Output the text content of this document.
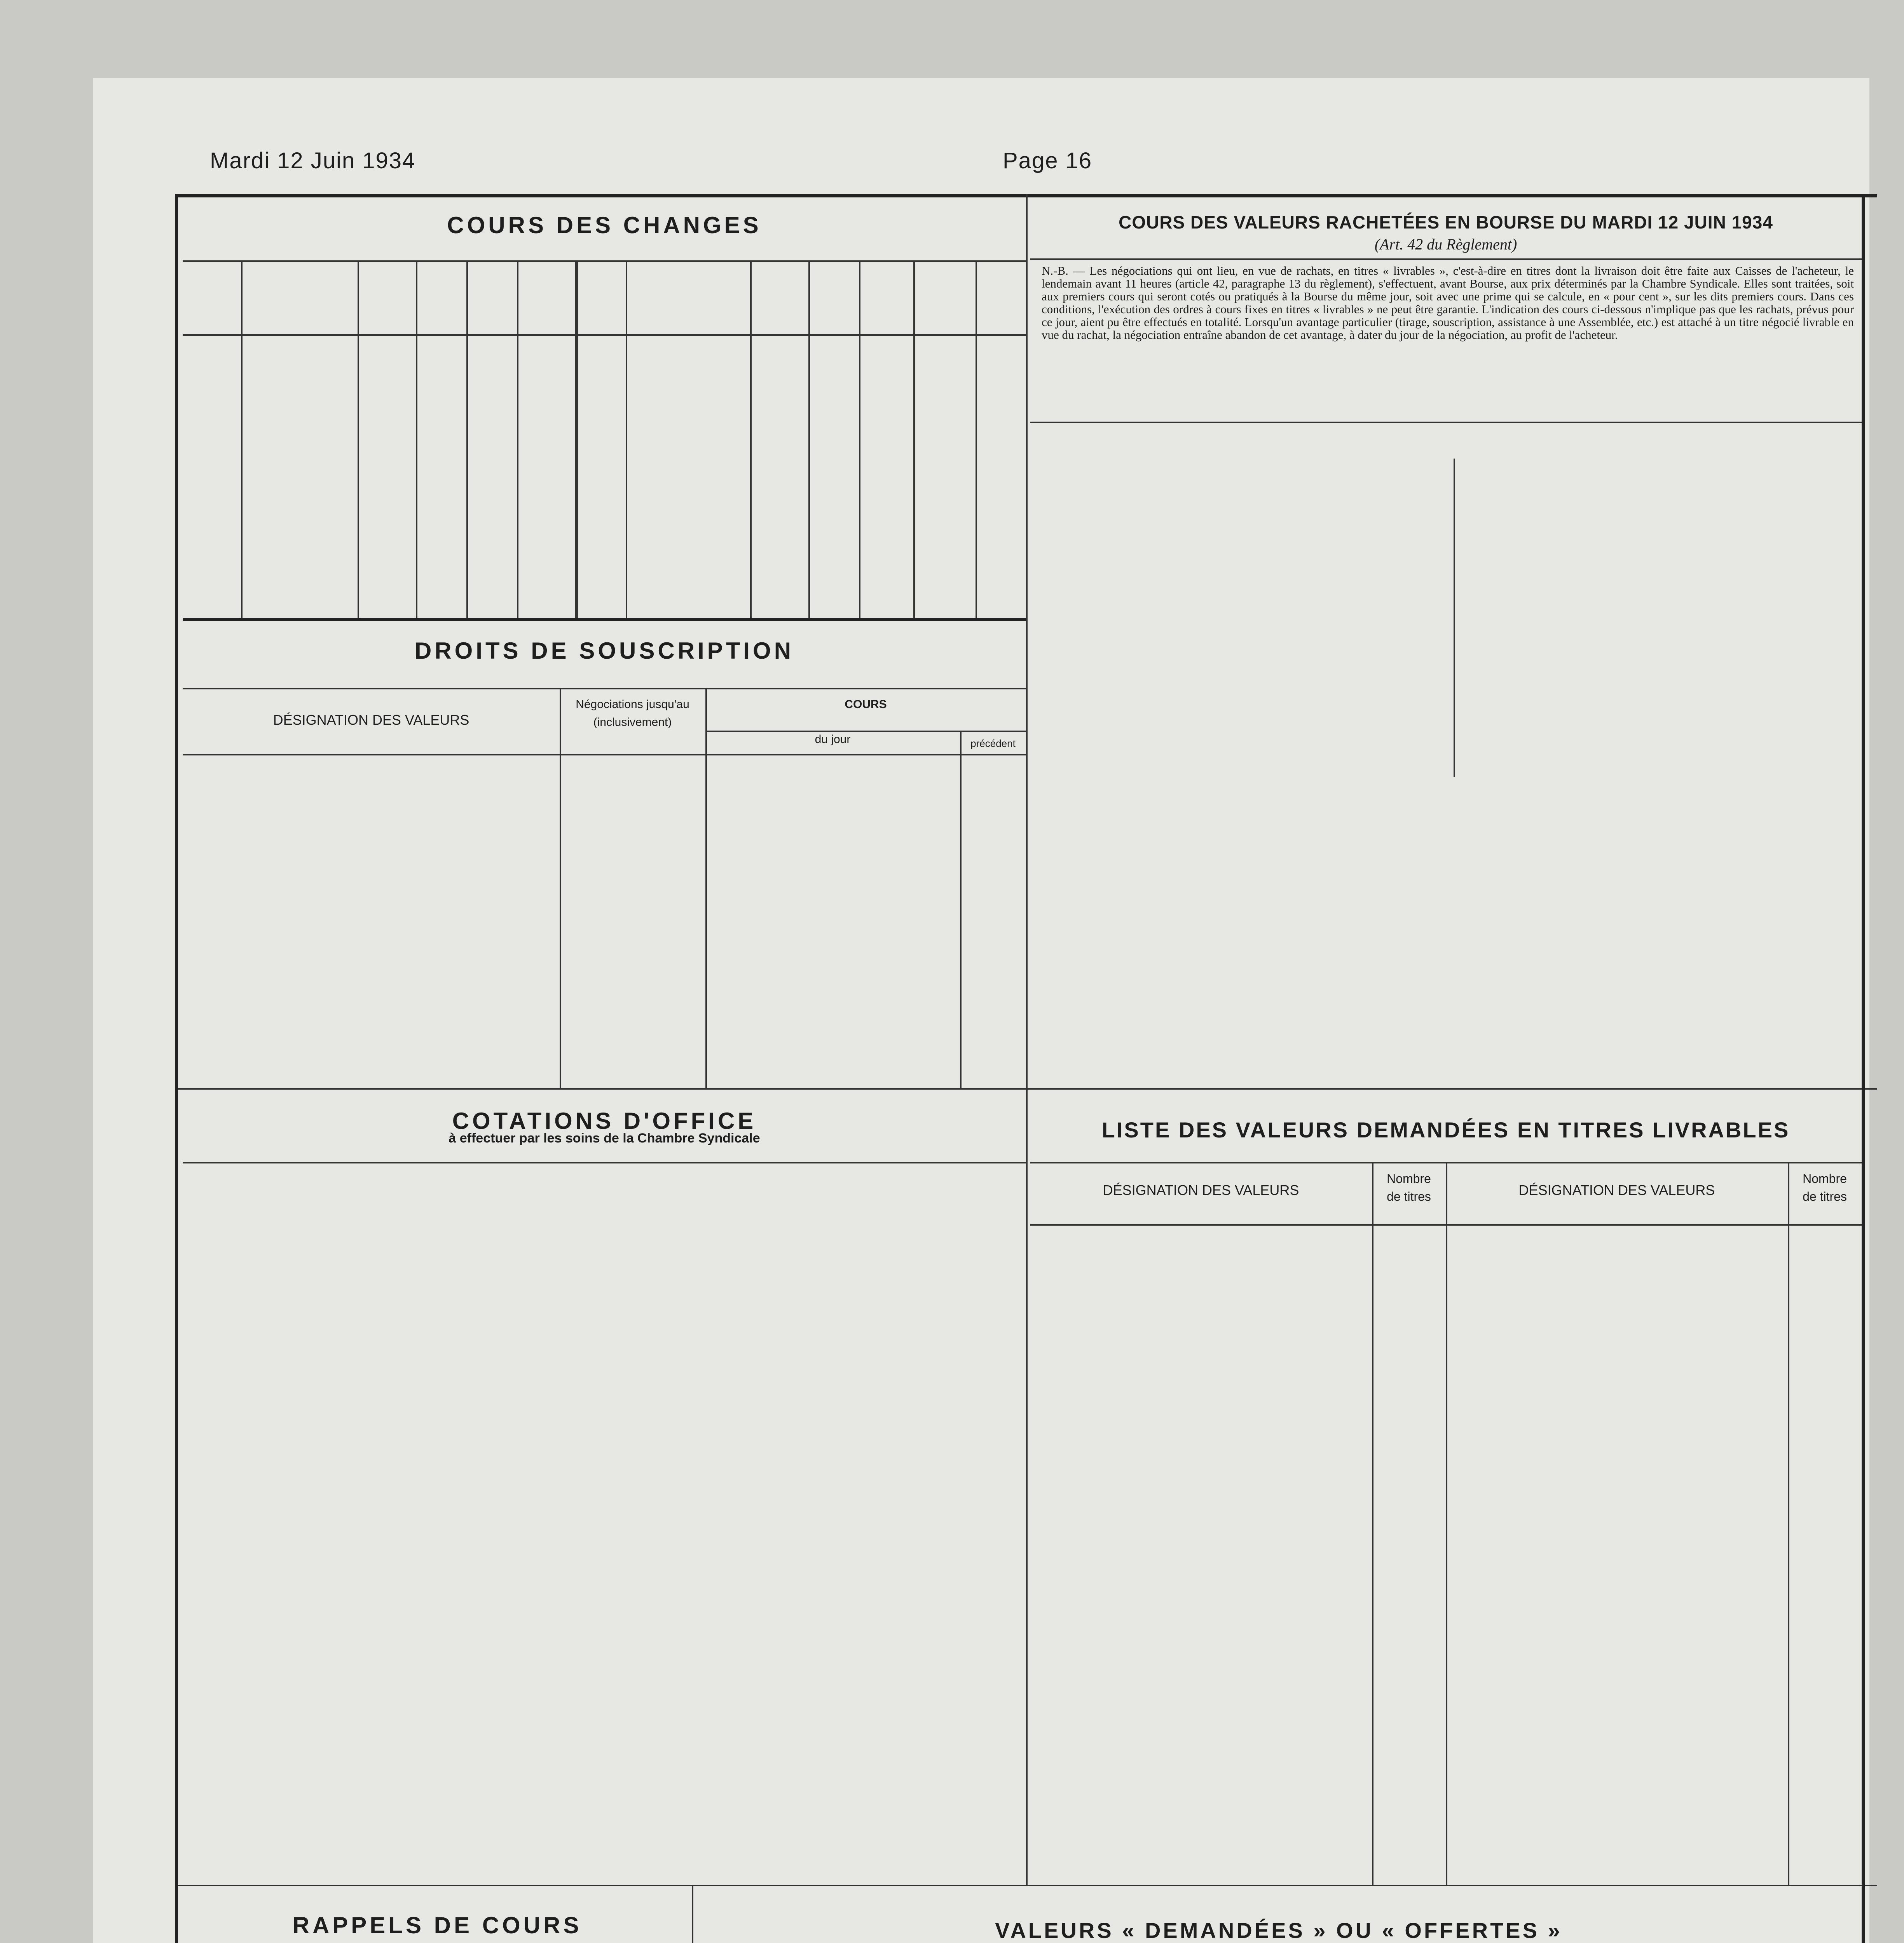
Mardi 12 Juin 1934	Page 16
COURS DES CHANGES
DROITS DE SOUSCRIPTION
DÉSIGNATION DES VALEURS
Négociations jusqu'au
(inclusivement)
COURS
du jour	précédent
COURS DES VALEURS RACHETÉES EN BOURSE DU MARDI 12 JUIN 1934
(Art. 42 du Règlement)
N.-B. — Les négociations qui ont lieu, en vue de rachats, en titres « livrables », c'est-à-dire en titres dont la livraison doit être faite aux Caisses de l'acheteur, le lendemain avant 11 heures (article 42, paragraphe 13 du règlement), s'effectuent, avant Bourse, aux prix déterminés par la Chambre Syndicale. Elles sont traitées, soit aux premiers cours qui seront cotés ou pratiqués à la Bourse du même jour, soit avec une prime qui se calcule, en « pour cent », sur les dits premiers cours. Dans ces conditions, l'exécution des ordres à cours fixes en titres « livrables » ne peut être garantie. L'indication des cours ci-dessous n'implique pas que les rachats, prévus pour ce jour, aient pu être effectués en totalité. Lorsqu'un avantage particulier (tirage, souscription, assistance à une Assemblée, etc.) est attaché à un titre négocié livrable en vue du rachat, la négociation entraîne abandon de cet avantage, à dater du jour de la négociation, au profit de l'acheteur.
COTATIONS D'OFFICE
à effectuer par les soins de la Chambre Syndicale	LISTE DES VALEURS DEMANDÉES EN TITRES LIVRABLES
DÉSIGNATION DES VALEURS
Nombre
de titres	DÉSIGNATION DES VALEURS
Nombre
de titres
RAPPELS DE COURS	VALEURS « DEMANDÉES » OU « OFFERTES »
